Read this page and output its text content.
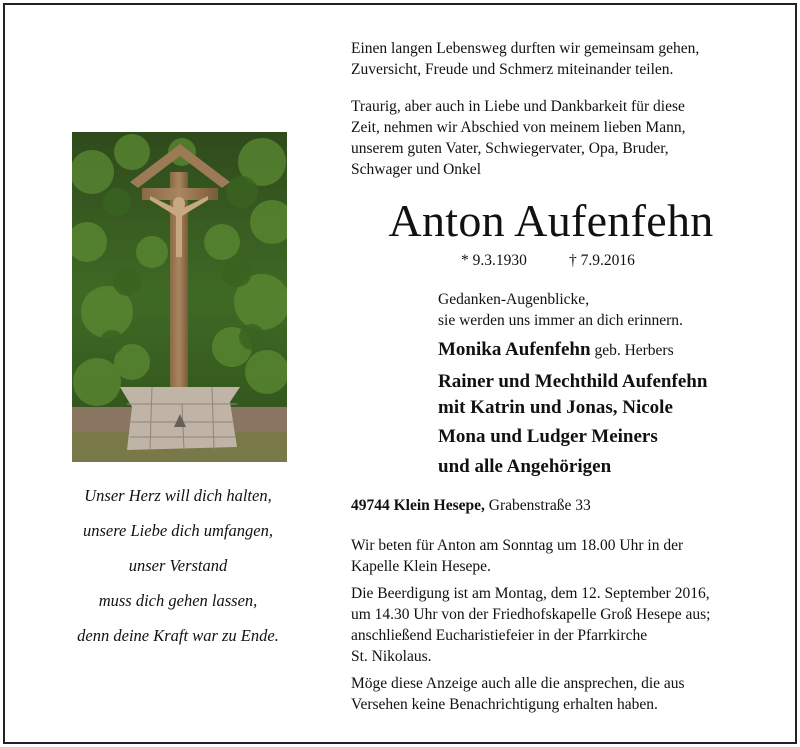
Unser Herz will dich halten,
unsere Liebe dich umfangen,
unser Verstand
muss dich gehen lassen,
denn deine Kraft war zu Ende.

Einen langen Lebensweg durften wir gemeinsam gehen,
Zuversicht, Freude und Schmerz miteinander teilen.

Traurig, aber auch in Liebe und Dankbarkeit für diese
Zeit, nehmen wir Abschied von meinem lieben Mann,
unserem guten Vater, Schwiegervater, Opa, Bruder,
Schwager und Onkel

Anton Aufenfehn
* 9.3.1930	† 7.9.2016
Gedanken-Augenblicke,
sie werden uns immer an dich erinnern.
Monika Aufenfehn geb. Herbers
Rainer und Mechthild Aufenfehn
mit Katrin und Jonas, Nicole
Mona und Ludger Meiners
und alle Angehörigen
49744 Klein Hesepe, Grabenstraße 33

Wir beten für Anton am Sonntag um 18.00 Uhr in der
Kapelle Klein Hesepe.

Die Beerdigung ist am Montag, dem 12. September 2016,
um 14.30 Uhr von der Friedhofskapelle Groß Hesepe aus;
anschließend Eucharistiefeier in der Pfarrkirche
St. Nikolaus.

Möge diese Anzeige auch alle die ansprechen, die aus
Versehen keine Benachrichtigung erhalten haben.
